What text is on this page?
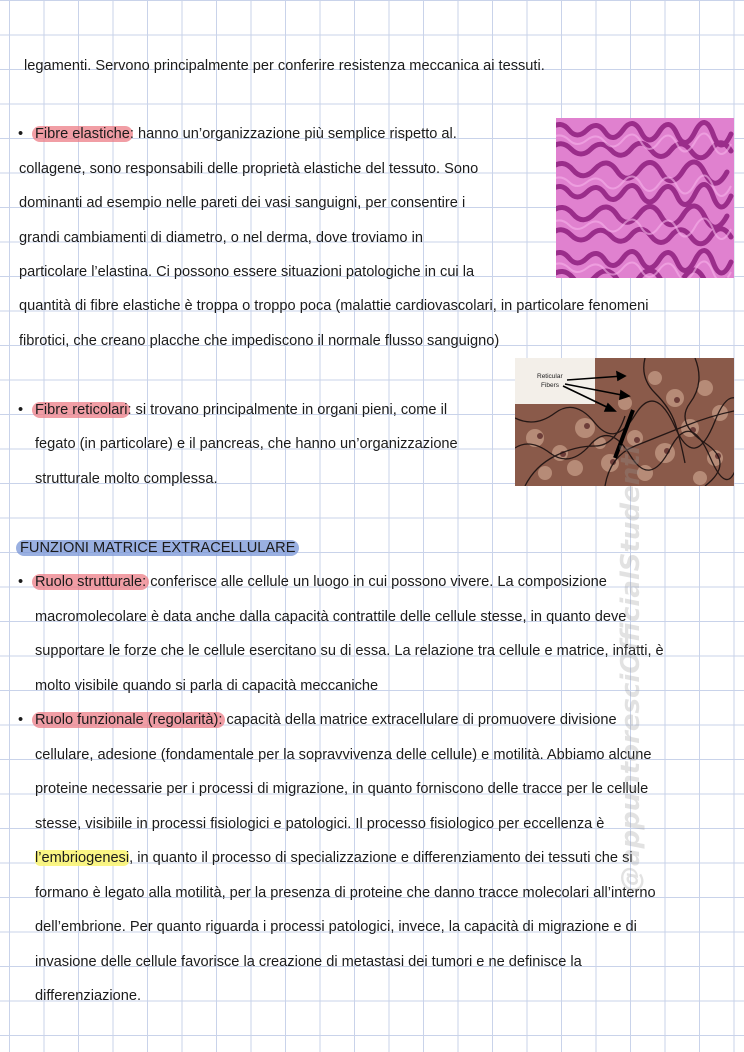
legamenti. Servono principalmente per conferire resistenza meccanica ai tessuti.
• Fibre elastiche: hanno un’organizzazione più semplice rispetto al.
collagene, sono responsabili delle proprietà elastiche del tessuto. Sono
dominanti ad esempio nelle pareti dei vasi sanguigni, per consentire i
grandi cambiamenti di diametro, o nel derma, dove troviamo in
particolare l’elastina. Ci possono essere situazioni patologiche in cui la
quantità di fibre elastiche è troppa o troppo poca (malattie cardiovascolari, in particolare fenomeni
fibrotici, che creano placche che impediscono il normale flusso sanguigno)
• Fibre reticolari: si trovano principalmente in organi pieni, come il
fegato (in particolare) e il pancreas, che hanno un’organizzazione
strutturale molto complessa.
Reticular
Fibers
FUNZIONI MATRICE EXTRACELLULARE
• Ruolo strutturale: conferisce alle cellule un luogo in cui possono vivere. La composizione
macromolecolare è data anche dalla capacità contrattile delle cellule stesse, in quanto deve
supportare le forze che le cellule esercitano su di essa. La relazione tra cellule e matrice, infatti, è
molto visibile quando si parla di capacità meccaniche
• Ruolo funzionale (regolarità): capacità della matrice extracellulare di promuovere divisione
cellulare, adesione (fondamentale per la sopravvivenza delle cellule) e motilità. Abbiamo alcune
proteine necessarie per i processi di migrazione, in quanto forniscono delle tracce per le cellule
stesse, visibiile in processi fisiologici e patologici. Il processo fisiologico per eccellenza è
l’embriogenesi, in quanto il processo di specializzazione e differenziamento dei tessuti che si
formano è legato alla motilità, per la presenza di proteine che danno tracce molecolari all’interno
dell’embrione. Per quanto riguarda i processi patologici, invece, la capacità di migrazione e di
invasione delle cellule favorisce la creazione di metastasi dei tumori e ne definisce la
differenziazione.
@appuntoresciOfficialStudenti
